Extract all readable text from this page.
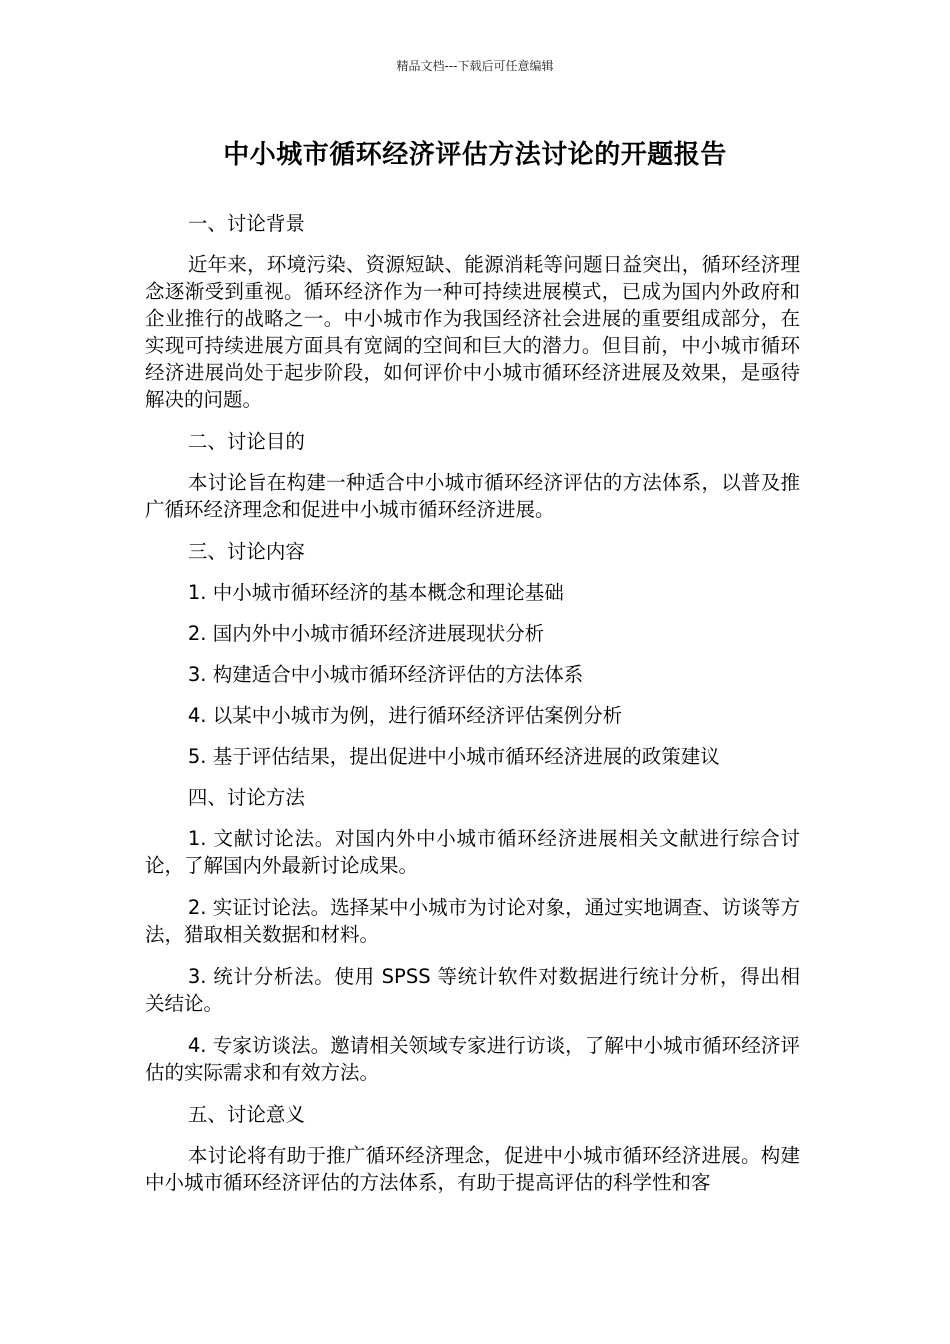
精品文档---下载后可任意编辑
中小城市循环经济评估方法讨论的开题报告

一、讨论背景

近年来，环境污染、资源短缺、能源消耗等问题日益突出，循环经济理念逐渐受到重视。循环经济作为一种可持续进展模式，已成为国内外政府和企业推行的战略之一。中小城市作为我国经济社会进展的重要组成部分，在实现可持续进展方面具有宽阔的空间和巨大的潜力。但目前，中小城市循环经济进展尚处于起步阶段，如何评价中小城市循环经济进展及效果，是亟待解决的问题。

二、讨论目的

本讨论旨在构建一种适合中小城市循环经济评估的方法体系，以普及推广循环经济理念和促进中小城市循环经济进展。

三、讨论内容

1. 中小城市循环经济的基本概念和理论基础

2. 国内外中小城市循环经济进展现状分析

3. 构建适合中小城市循环经济评估的方法体系

4. 以某中小城市为例，进行循环经济评估案例分析

5. 基于评估结果，提出促进中小城市循环经济进展的政策建议

四、讨论方法

1. 文献讨论法。对国内外中小城市循环经济进展相关文献进行综合讨论，了解国内外最新讨论成果。

2. 实证讨论法。选择某中小城市为讨论对象，通过实地调查、访谈等方法，猎取相关数据和材料。

3. 统计分析法。使用 SPSS 等统计软件对数据进行统计分析，得出相关结论。

4. 专家访谈法。邀请相关领域专家进行访谈，了解中小城市循环经济评估的实际需求和有效方法。

五、讨论意义

本讨论将有助于推广循环经济理念，促进中小城市循环经济进展。构建中小城市循环经济评估的方法体系，有助于提高评估的科学性和客
